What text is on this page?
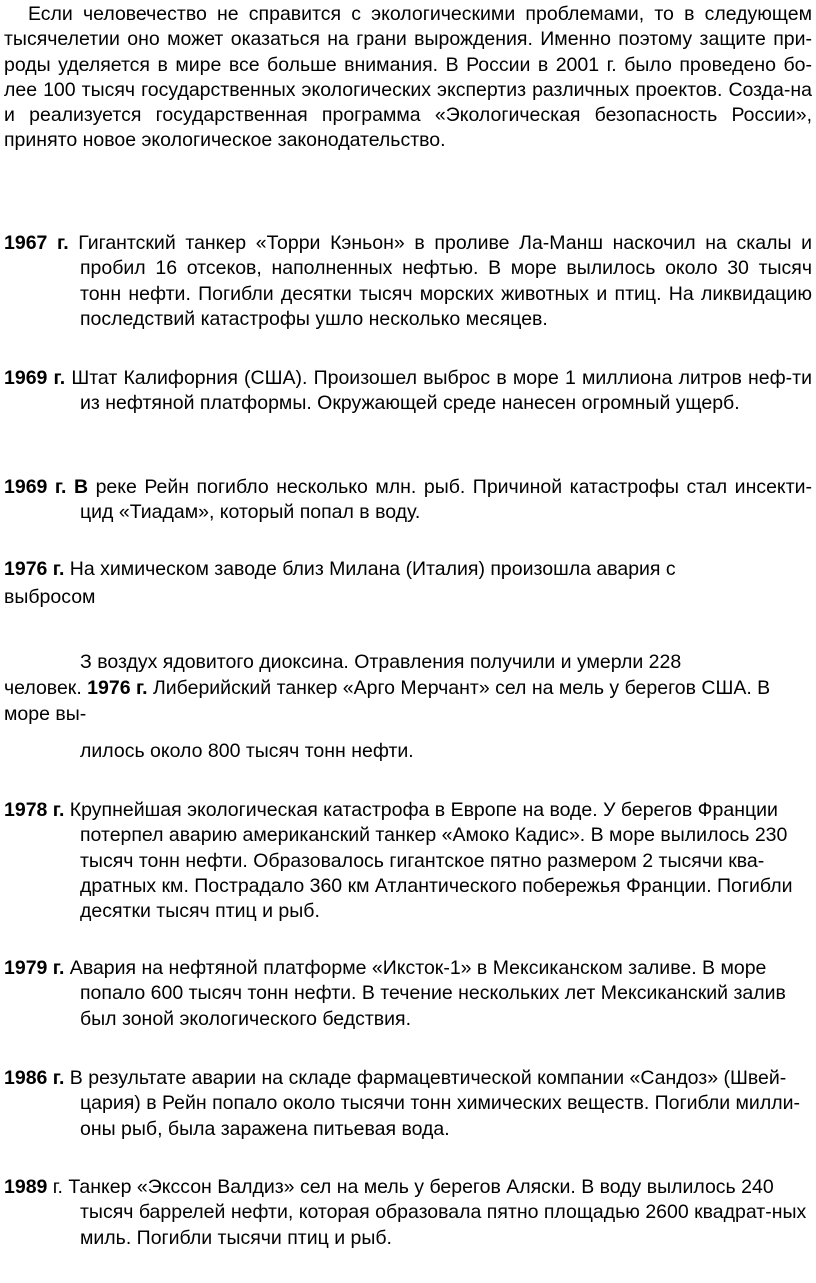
Если человечество не справится с экологическими проблемами, то в следующем тысячелетии оно может оказаться на грани вырождения. Именно поэтому защите при-роды уделяется в мире все больше внимания. В России в 2001 г. было проведено бо-лее 100 тысяч государственных экологических экспертиз различных проектов. Созда-на и реализуется государственная программа «Экологическая безопасность России», принято новое экологическое законодательство.

1967 г. Гигантский танкер «Торри Кэньон» в проливе Ла-Манш наскочил на скалы и пробил 16 отсеков, наполненных нефтью. В море вылилось около 30 тысяч тонн нефти. Погибли десятки тысяч морских животных и птиц. На ликвидацию последствий катастрофы ушло несколько месяцев.

1969 г. Штат Калифорния (США). Произошел выброс в море 1 миллиона литров неф-ти из нефтяной платформы. Окружающей среде нанесен огромный ущерб.

1969 г. В реке Рейн погибло несколько млн. рыб. Причиной катастрофы стал инсекти-цид «Тиадам», который попал в воду.

1976 г. На химическом заводе близ Милана (Италия) произошла авария с

выбросом

З воздух ядовитого диоксина. Отравления получили и умерли 228

человек. 1976 г. Либерийский танкер «Арго Мерчант» сел на мель у берегов США. В море вы-

лилось около 800 тысяч тонн нефти.

1978 г. Крупнейшая экологическая катастрофа в Европе на воде. У берегов Франции потерпел аварию американский танкер «Амоко Кадис». В море вылилось 230 тысяч тонн нефти. Образовалось гигантское пятно размером 2 тысячи ква-дратных км. Пострадало 360 км Атлантического побережья Франции. Погибли десятки тысяч птиц и рыб.

1979 г. Авария на нефтяной платформе «Иксток-1» в Мексиканском заливе. В море попало 600 тысяч тонн нефти. В течение нескольких лет Мексиканский залив был зоной экологического бедствия.

1986 г. В результате аварии на складе фармацевтической компании «Сандоз» (Швей-цария) в Рейн попало около тысячи тонн химических веществ. Погибли милли-оны рыб, была заражена питьевая вода.

1989 г. Танкер «Экссон Валдиз» сел на мель у берегов Аляски. В воду вылилось 240 тысяч баррелей нефти, которая образовала пятно площадью 2600 квадрат-ных миль. Погибли тысячи птиц и рыб.
